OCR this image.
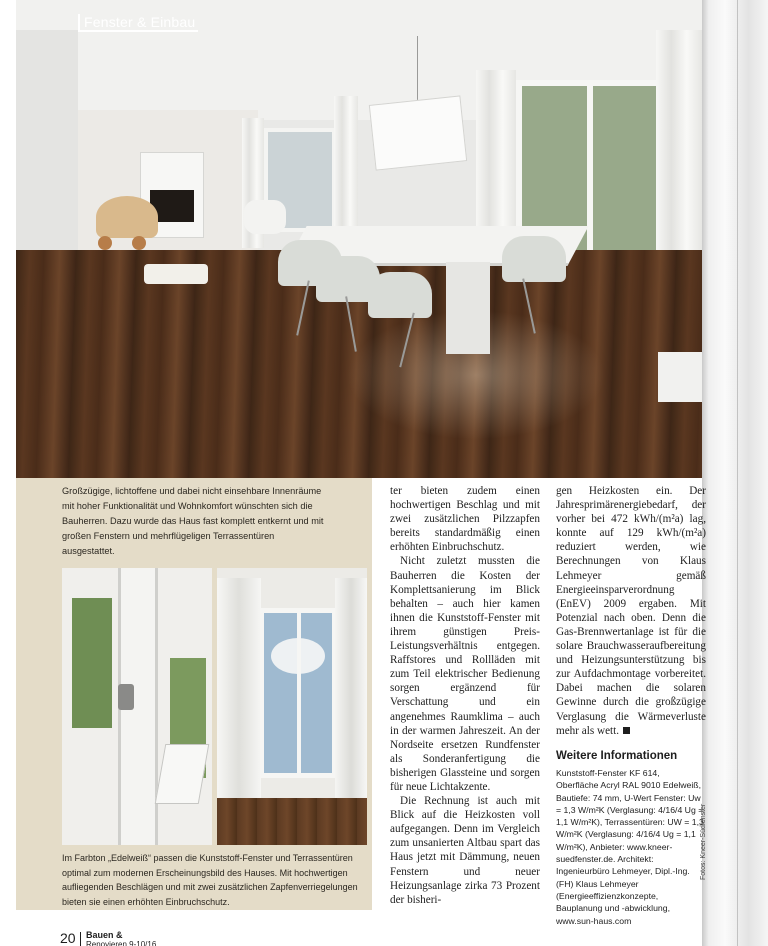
Fenster & Einbau
Großzügige, lichtoffene und dabei nicht einsehbare Innenräume mit hoher Funktionalität und Wohnkomfort wünschten sich die Bauherren. Dazu wurde das Haus fast komplett entkernt und mit großen Fenstern und mehrflügeligen Terrassentüren ausgestattet.
Im Farbton „Edelweiß“ passen die Kunststoff-Fenster und Terrassentüren optimal zum modernen Erscheinungsbild des Hauses. Mit hochwertigen aufliegenden Beschlägen und mit zwei zusätzlichen Zapfenverriegelungen bieten sie einen erhöhten Einbruchschutz.

ter bieten zudem einen hochwertigen Beschlag und mit zwei zusätzlichen Pilzzapfen bereits standardmäßig einen erhöhten Einbruchschutz.

Nicht zuletzt mussten die Bauherren die Kosten der Komplettsanierung im Blick behalten – auch hier kamen ihnen die Kunststoff-Fenster mit ihrem günstigen Preis-Leistungsverhältnis entgegen. Raffstores und Rollläden mit zum Teil elektrischer Bedienung sorgen ergänzend für Verschattung und ein angenehmes Raumklima – auch in der warmen Jahreszeit. An der Nordseite ersetzen Rundfenster als Sonderanfertigung die bisherigen Glassteine und sorgen für neue Lichtakzente.

Die Rechnung ist auch mit Blick auf die Heizkosten voll aufgegangen. Denn im Vergleich zum unsanierten Altbau spart das Haus jetzt mit Dämmung, neuen Fenstern und neuer Heizungsanlage zirka 73 Prozent der bisheri-

gen Heizkosten ein. Der Jahresprimärenergiebedarf, der vorher bei 472 kWh/(m²a) lag, konnte auf 129 kWh/(m²a) reduziert werden, wie Berechnungen von Klaus Lehmeyer gemäß Energieeinsparverordnung (EnEV) 2009 ergaben. Mit Potenzial nach oben. Denn die Gas-Brennwertanlage ist für die solare Brauchwasseraufbereitung und Heizungsunterstützung bis zur Aufdachmontage vorbereitet. Dabei machen die solaren Gewinne durch die großzügige Verglasung die Wärmeverluste mehr als wett.

Weitere Informationen
Kunststoff-Fenster KF 614, Oberfläche Acryl RAL 9010 Edelweiß, Bautiefe: 74 mm, U-Wert Fenster: Uw = 1,3 W/m²K (Verglasung: 4/16/4 Ug = 1,1 W/m²K), Terrassentüren: UW = 1,3 W/m²K (Verglasung: 4/16/4 Ug = 1,1 W/m²K), Anbieter: www.kneer-suedfenster.de. Architekt: Ingenieurbüro Lehmeyer, Dipl.-Ing. (FH) Klaus Lehmeyer (Energieeffizienzkonzepte, Bauplanung und -abwicklung, www.sun-haus.com
Fotos: Kneer-Südfenster
20 Bauen &
Renovieren 9-10/16
